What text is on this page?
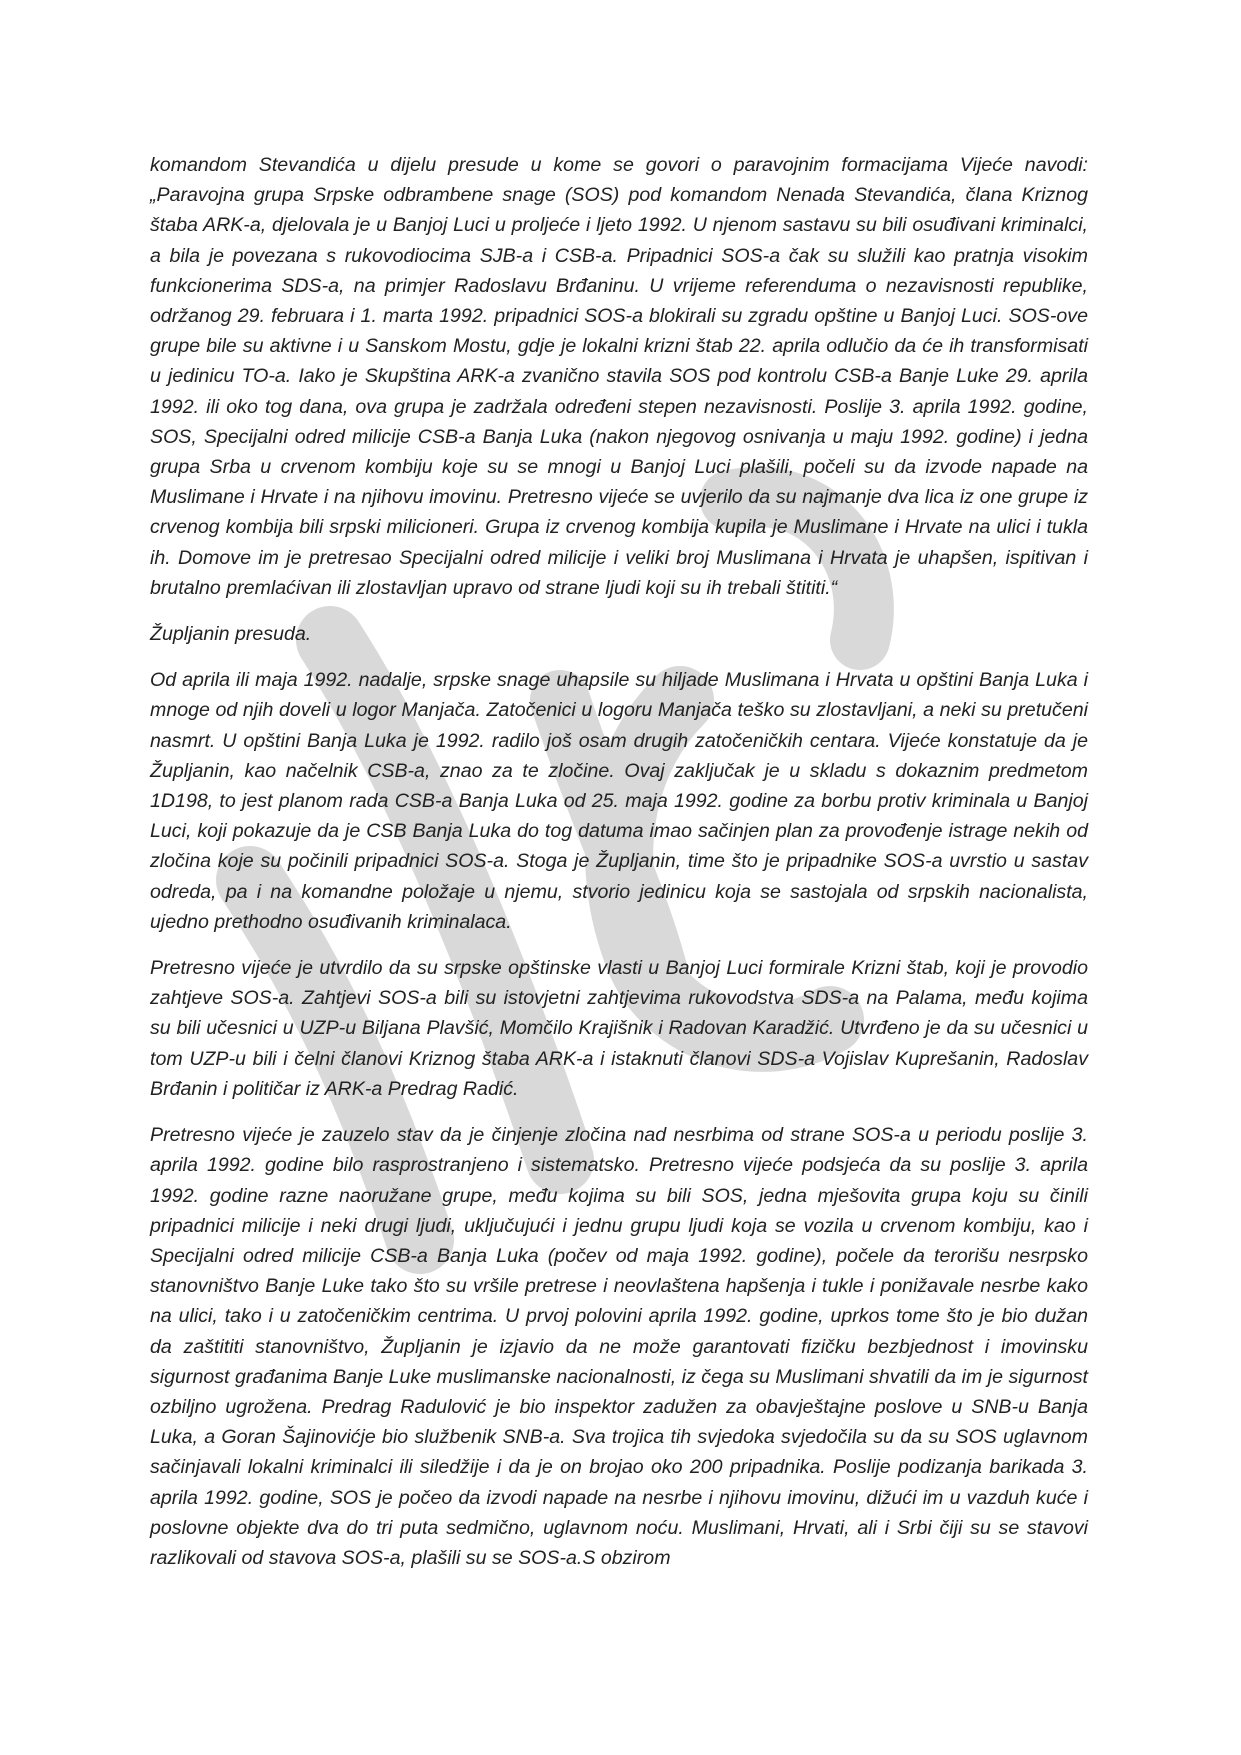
komandom Stevandića u dijelu presude u kome se govori o paravojnim formacijama Vijeće navodi: „Paravojna grupa Srpske odbrambene snage (SOS) pod komandom Nenada Stevandića, člana Kriznog štaba ARK-a, djelovala je u Banjoj Luci u proljeće i ljeto 1992. U njenom sastavu su bili osuđivani kriminalci, a bila je povezana s rukovodiocima SJB-a i CSB-a. Pripadnici SOS-a čak su služili kao pratnja visokim funkcionerima SDS-a, na primjer Radoslavu Brđaninu. U vrijeme referenduma o nezavisnosti republike, održanog 29. februara i 1. marta 1992. pripadnici SOS-a blokirali su zgradu opštine u Banjoj Luci. SOS-ove grupe bile su aktivne i u Sanskom Mostu, gdje je lokalni krizni štab 22. aprila odlučio da će ih transformisati u jedinicu TO-a. Iako je Skupština ARK-a zvanično stavila SOS pod kontrolu CSB-a Banje Luke 29. aprila 1992. ili oko tog dana, ova grupa je zadržala određeni stepen nezavisnosti. Poslije 3. aprila 1992. godine, SOS, Specijalni odred milicije CSB-a Banja Luka (nakon njegovog osnivanja u maju 1992. godine) i jedna grupa Srba u crvenom kombiju koje su se mnogi u Banjoj Luci plašili, počeli su da izvode napade na Muslimane i Hrvate i na njihovu imovinu. Pretresno vijeće se uvjerilo da su najmanje dva lica iz one grupe iz crvenog kombija bili srpski milicioneri. Grupa iz crvenog kombija kupila je Muslimane i Hrvate na ulici i tukla ih. Domove im je pretresao Specijalni odred milicije i veliki broj Muslimana i Hrvata je uhapšen, ispitivan i brutalno premlaćivan ili zlostavljan upravo od strane ljudi koji su ih trebali štititi.“

Župljanin presuda.

Od aprila ili maja 1992. nadalje, srpske snage uhapsile su hiljade Muslimana i Hrvata u opštini Banja Luka i mnoge od njih doveli u logor Manjača. Zatočenici u logoru Manjača teško su zlostavljani, a neki su pretučeni nasmrt. U opštini Banja Luka je 1992. radilo još osam drugih zatočeničkih centara. Vijeće konstatuje da je Župljanin, kao načelnik CSB-a, znao za te zločine. Ovaj zaključak je u skladu s dokaznim predmetom 1D198, to jest planom rada CSB-a Banja Luka od 25. maja 1992. godine za borbu protiv kriminala u Banjoj Luci, koji pokazuje da je CSB Banja Luka do tog datuma imao sačinjen plan za provođenje istrage nekih od zločina koje su počinili pripadnici SOS-a. Stoga je Župljanin, time što je pripadnike SOS-a uvrstio u sastav odreda, pa i na komandne položaje u njemu, stvorio jedinicu koja se sastojala od srpskih nacionalista, ujedno prethodno osuđivanih kriminalaca.

Pretresno vijeće je utvrdilo da su srpske opštinske vlasti u Banjoj Luci formirale Krizni štab, koji je provodio zahtjeve SOS-a. Zahtjevi SOS-a bili su istovjetni zahtjevima rukovodstva SDS-a na Palama, među kojima su bili učesnici u UZP-u Biljana Plavšić, Momčilo Krajišnik i Radovan Karadžić. Utvrđeno je da su učesnici u tom UZP-u bili i čelni članovi Kriznog štaba ARK-a i istaknuti članovi SDS-a Vojislav Kuprešanin, Radoslav Brđanin i političar iz ARK-a Predrag Radić.

Pretresno vijeće je zauzelo stav da je činjenje zločina nad nesrbima od strane SOS-a u periodu poslije 3. aprila 1992. godine bilo rasprostranjeno i sistematsko. Pretresno vijeće podsjeća da su poslije 3. aprila 1992. godine razne naoružane grupe, među kojima su bili SOS, jedna mješovita grupa koju su činili pripadnici milicije i neki drugi ljudi, uključujući i jednu grupu ljudi koja se vozila u crvenom kombiju, kao i Specijalni odred milicije CSB-a Banja Luka (počev od maja 1992. godine), počele da terorišu nesrpsko stanovništvo Banje Luke tako što su vršile pretrese i neovlaštena hapšenja i tukle i ponižavale nesrbe kako na ulici, tako i u zatočeničkim centrima. U prvoj polovini aprila 1992. godine, uprkos tome što je bio dužan da zaštititi stanovništvo, Župljanin je izjavio da ne može garantovati fizičku bezbjednost i imovinsku sigurnost građanima Banje Luke muslimanske nacionalnosti, iz čega su Muslimani shvatili da im je sigurnost ozbiljno ugrožena. Predrag Radulović je bio inspektor zadužen za obavještajne poslove u SNB-u Banja Luka, a Goran Šajinovićje bio službenik SNB-a. Sva trojica tih svjedoka svjedočila su da su SOS uglavnom sačinjavali lokalni kriminalci ili siledžije i da je on brojao oko 200 pripadnika. Poslije podizanja barikada 3. aprila 1992. godine, SOS je počeo da izvodi napade na nesrbe i njihovu imovinu, dižući im u vazduh kuće i poslovne objekte dva do tri puta sedmično, uglavnom noću. Muslimani, Hrvati, ali i Srbi čiji su se stavovi razlikovali od stavova SOS-a, plašili su se SOS-a.S obzirom
